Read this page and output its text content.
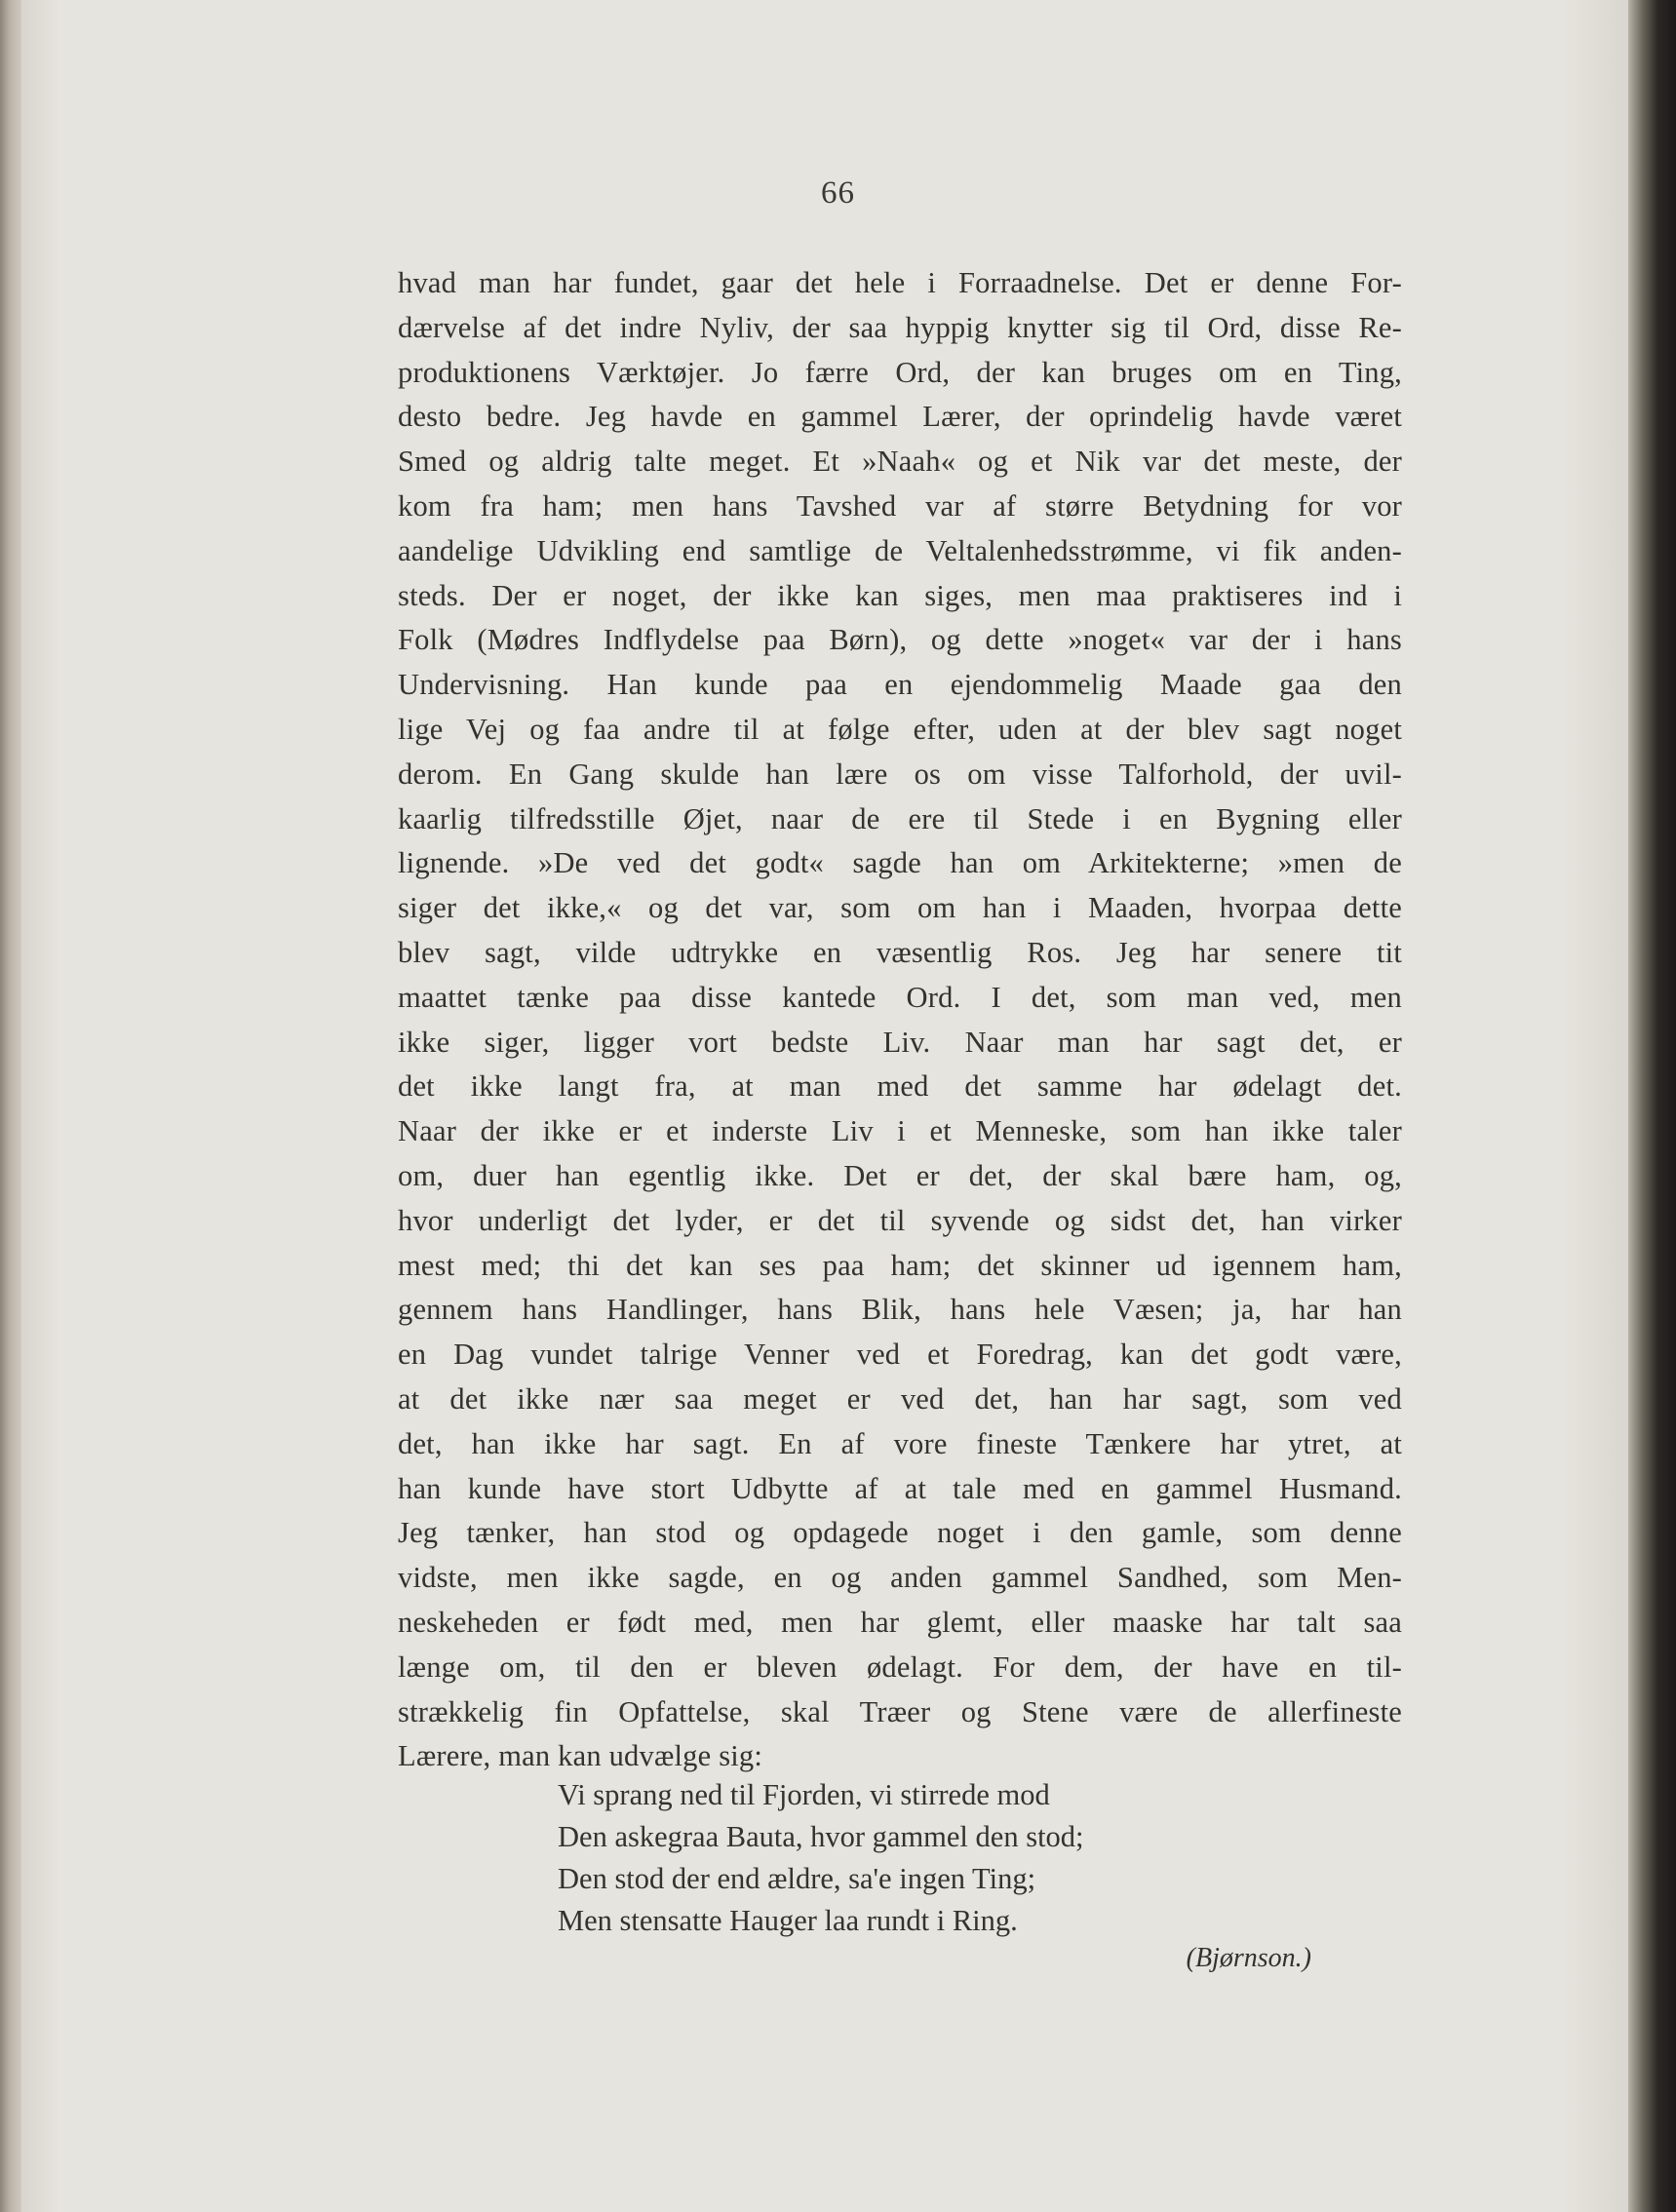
66
hvad man har fundet, gaar det hele i Forraadnelse. Det er denne For-
dærvelse af det indre Nyliv, der saa hyppig knytter sig til Ord, disse Re-
produktionens Værktøjer. Jo færre Ord, der kan bruges om en Ting,
desto bedre. Jeg havde en gammel Lærer, der oprindelig havde været
Smed og aldrig talte meget. Et »Naah« og et Nik var det meste, der
kom fra ham; men hans Tavshed var af større Betydning for vor
aandelige Udvikling end samtlige de Veltalenhedsstrømme, vi fik anden-
steds. Der er noget, der ikke kan siges, men maa praktiseres ind i
Folk (Mødres Indflydelse paa Børn), og dette »noget« var der i hans
Undervisning. Han kunde paa en ejendommelig Maade gaa den
lige Vej og faa andre til at følge efter, uden at der blev sagt noget
derom. En Gang skulde han lære os om visse Talforhold, der uvil-
kaarlig tilfredsstille Øjet, naar de ere til Stede i en Bygning eller
lignende. »De ved det godt« sagde han om Arkitekterne; »men de
siger det ikke,« og det var, som om han i Maaden, hvorpaa dette
blev sagt, vilde udtrykke en væsentlig Ros. Jeg har senere tit
maattet tænke paa disse kantede Ord. I det, som man ved, men
ikke siger, ligger vort bedste Liv. Naar man har sagt det, er
det ikke langt fra, at man med det samme har ødelagt det.
Naar der ikke er et inderste Liv i et Menneske, som han ikke taler
om, duer han egentlig ikke. Det er det, der skal bære ham, og,
hvor underligt det lyder, er det til syvende og sidst det, han virker
mest med; thi det kan ses paa ham; det skinner ud igennem ham,
gennem hans Handlinger, hans Blik, hans hele Væsen; ja, har han
en Dag vundet talrige Venner ved et Foredrag, kan det godt være,
at det ikke nær saa meget er ved det, han har sagt, som ved
det, han ikke har sagt. En af vore fineste Tænkere har ytret, at
han kunde have stort Udbytte af at tale med en gammel Husmand.
Jeg tænker, han stod og opdagede noget i den gamle, som denne
vidste, men ikke sagde, en og anden gammel Sandhed, som Men-
neskeheden er født med, men har glemt, eller maaske har talt saa
længe om, til den er bleven ødelagt. For dem, der have en til-
strækkelig fin Opfattelse, skal Træer og Stene være de allerfineste
Lærere, man kan udvælge sig:
Vi sprang ned til Fjorden, vi stirrede mod
Den askegraa Bauta, hvor gammel den stod;
Den stod der end ældre, sa'e ingen Ting;
Men stensatte Hauger laa rundt i Ring.
(Bjørnson.)
